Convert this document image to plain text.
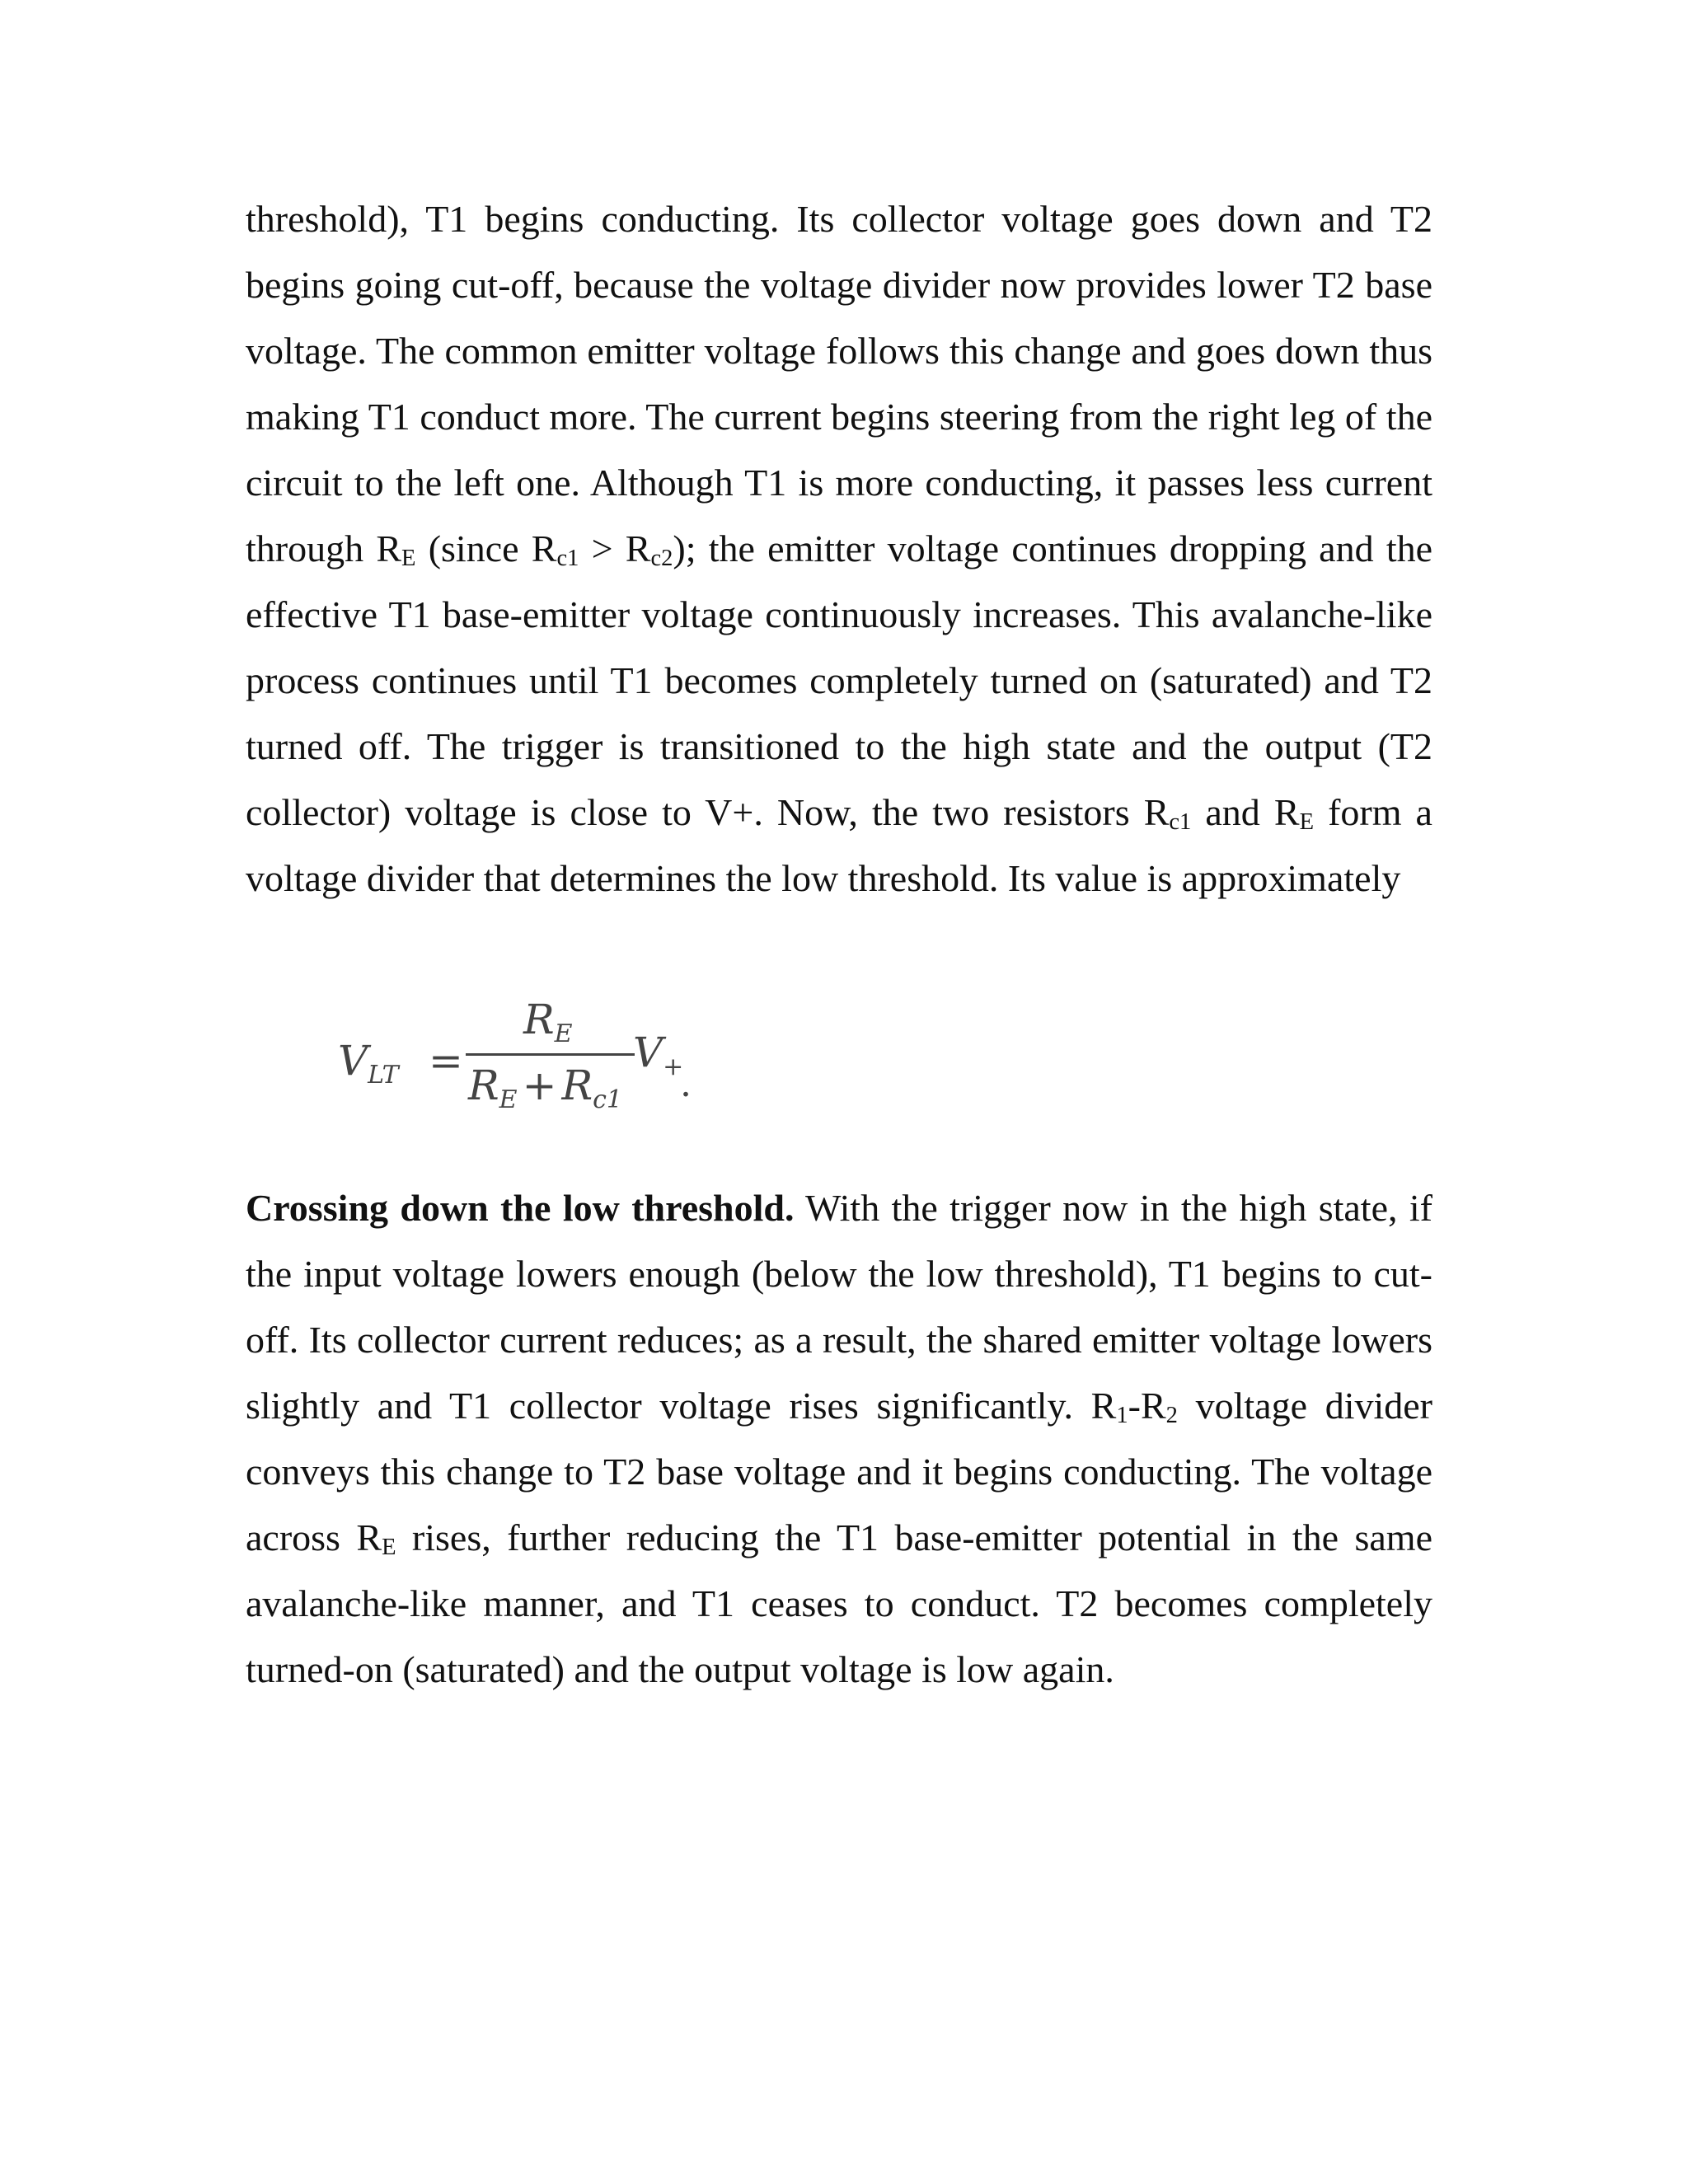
threshold), T1 begins conducting. Its collector voltage goes down and T2 begins going cut-off, because the voltage divider now provides lower T2 base voltage. The common emitter voltage follows this change and goes down thus making T1 conduct more. The current begins steering from the right leg of the circuit to the left one. Although T1 is more conducting, it passes less current through $R_E$ (since $R_{c1} > R_{c2}$); the emitter voltage continues dropping and the effective T1 base-emitter voltage continuously increases. This avalanche-like process continues until T1 becomes completely turned on (saturated) and T2 turned off. The trigger is transitioned to the high state and the output (T2 collector) voltage is close to V+. Now, the two resistors $R_{c1}$ and $R_E$ form a voltage divider that determines the low threshold. Its value is approximately

$V_{LT}$ =
$R_E$
$R_E + R_{c1}$
$V_+$
.

Crossing down the low threshold. With the trigger now in the high state, if the input voltage lowers enough (below the low threshold), T1 begins to cut-off. Its collector current reduces; as a result, the shared emitter voltage lowers slightly and T1 collector voltage rises significantly. $R_1-R_2$ voltage divider conveys this change to T2 base voltage and it begins conducting. The voltage across $R_E$ rises, further reducing the T1 base-emitter potential in the same avalanche-like manner, and T1 ceases to conduct. T2 becomes completely turned-on (saturated) and the output voltage is low again.
